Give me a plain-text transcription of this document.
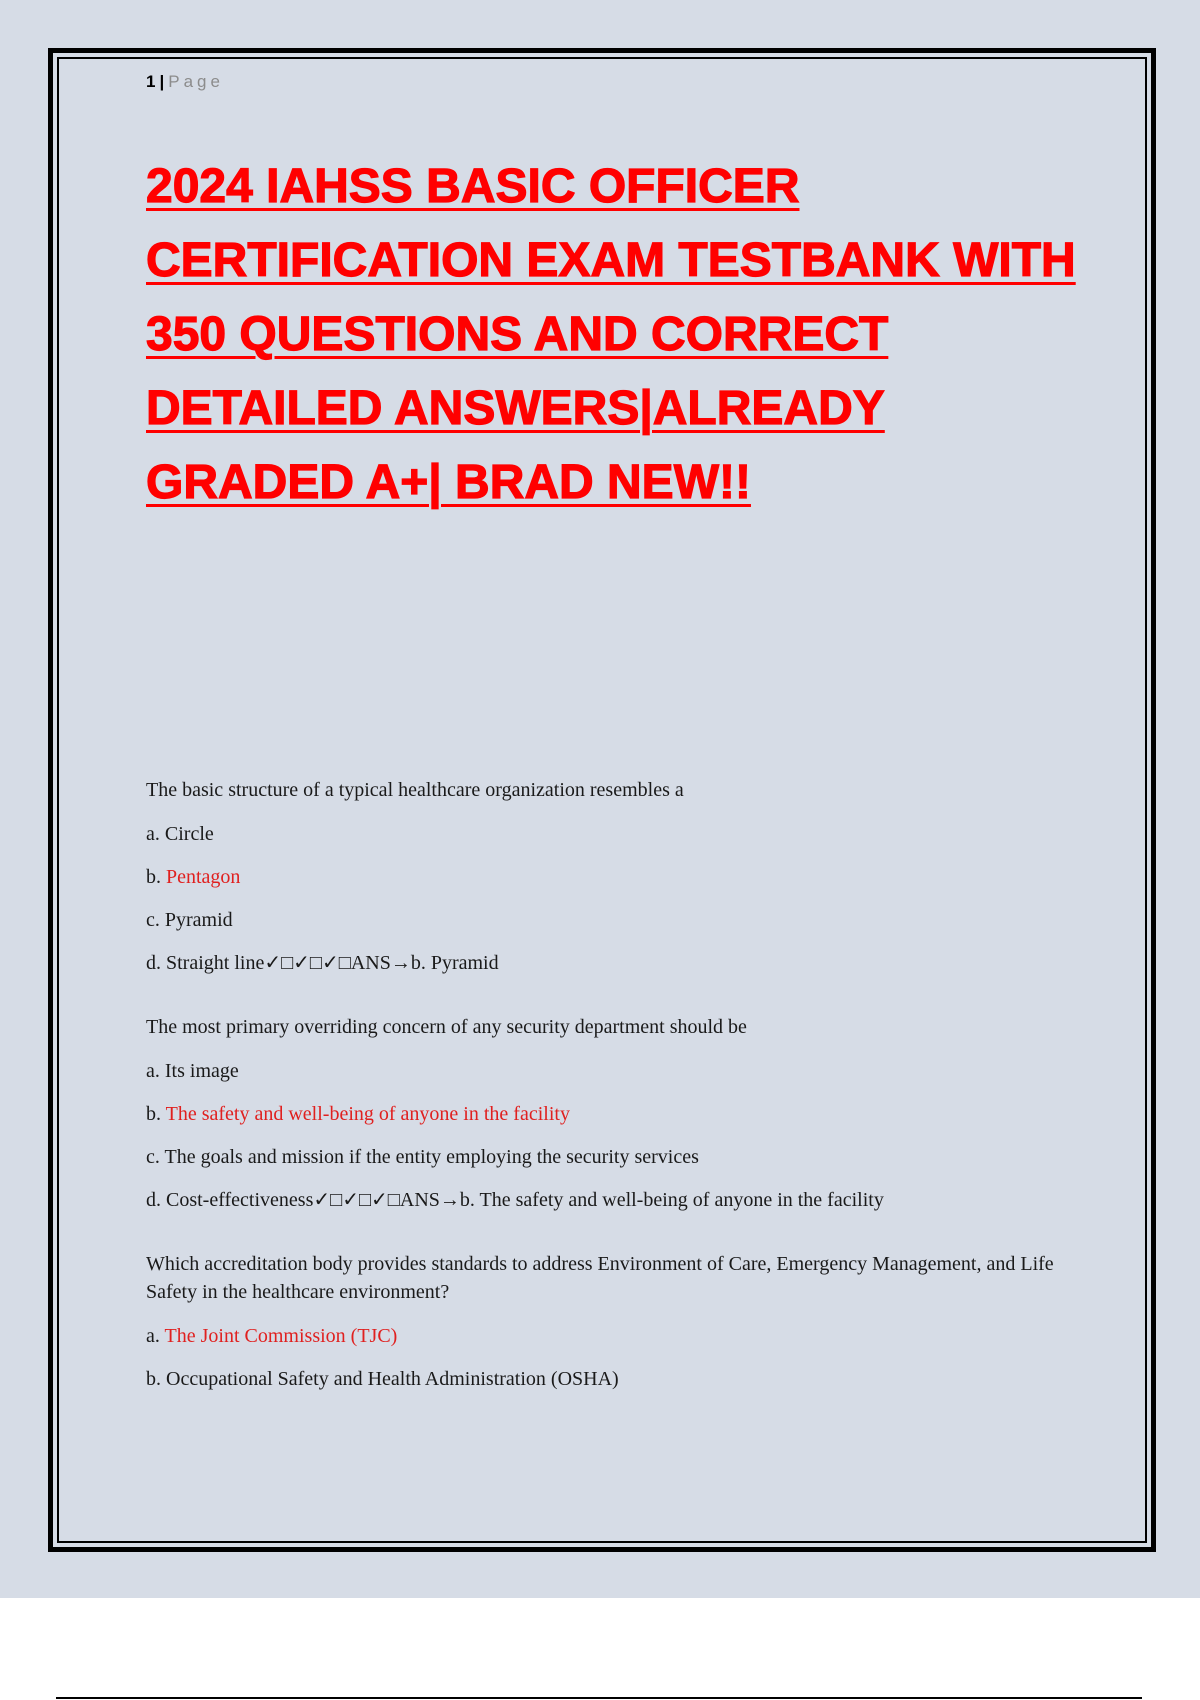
1 | Page
2024 IAHSS BASIC OFFICER CERTIFICATION EXAM TESTBANK WITH 350 QUESTIONS AND CORRECT DETAILED ANSWERS|ALREADY GRADED A+| BRAD NEW!!

The basic structure of a typical healthcare organization resembles a

a. Circle

b. Pentagon

c. Pyramid

d. Straight line✓□✓□✓□ANS→b. Pyramid

The most primary overriding concern of any security department should be

a. Its image

b. The safety and well-being of anyone in the facility

c. The goals and mission if the entity employing the security services

d. Cost-effectiveness✓□✓□✓□ANS→b. The safety and well-being of anyone in the facility

Which accreditation body provides standards to address Environment of Care, Emergency Management, and Life Safety in the healthcare environment?

a. The Joint Commission (TJC)

b. Occupational Safety and Health Administration (OSHA)
